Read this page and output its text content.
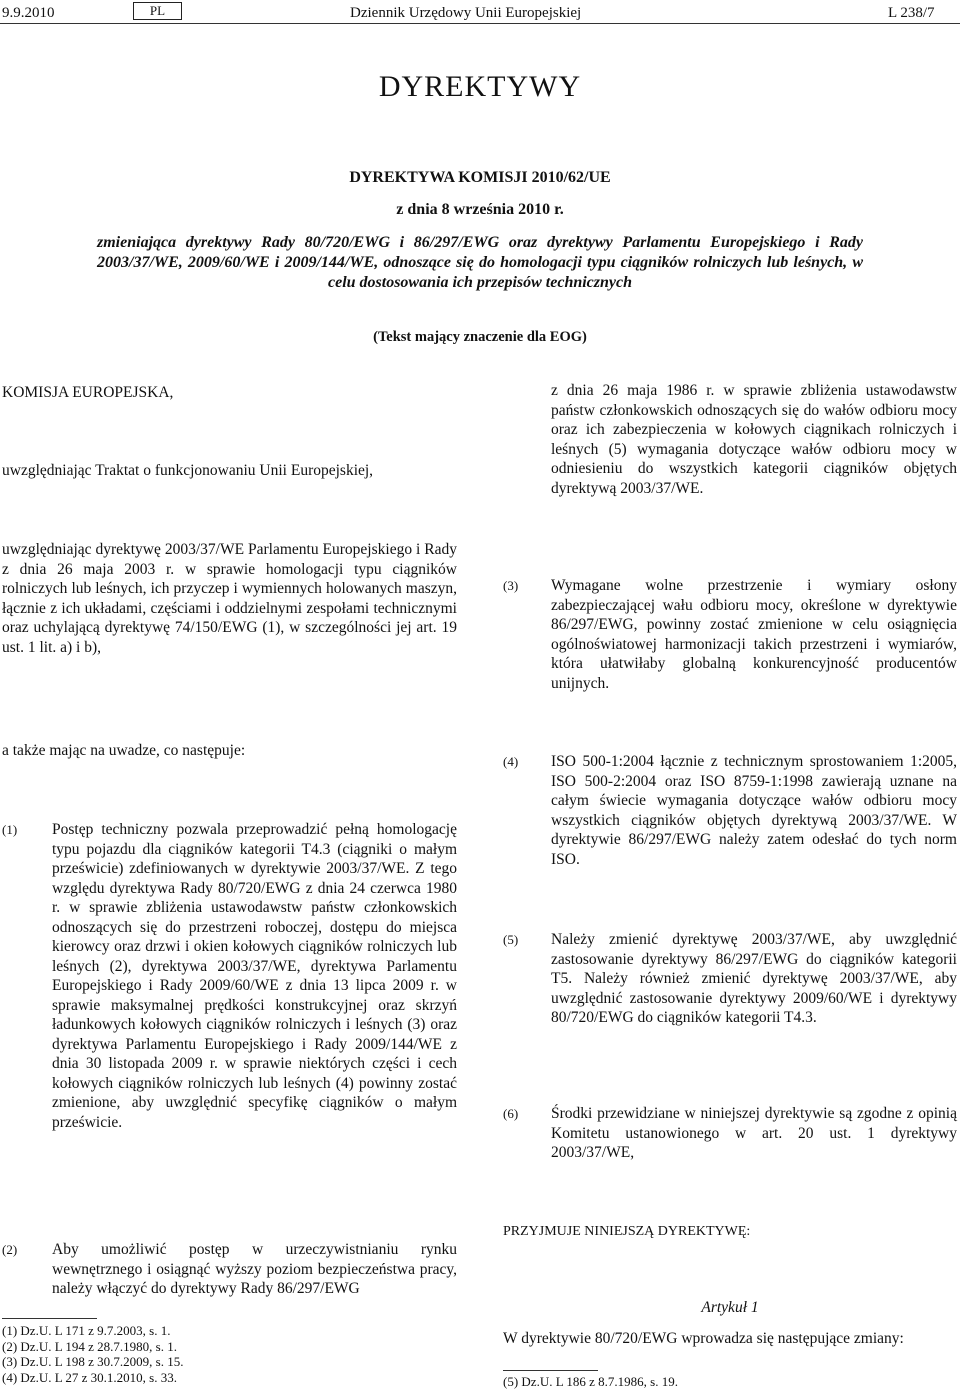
9.9.2010	PL	Dziennik Urzędowy Unii Europejskiej	L 238/7
DYREKTYWY
DYREKTYWA KOMISJI 2010/62/UE
z dnia 8 września 2010 r.
zmieniająca dyrektywy Rady 80/720/EWG i 86/297/EWG oraz dyrektywy Parlamentu Europejskiego i Rady 2003/37/WE, 2009/60/WE i 2009/144/WE, odnoszące się do homologacji typu ciągników rolniczych lub leśnych, w celu dostosowania ich przepisów technicznych
(Tekst mający znaczenie dla EOG)
KOMISJA EUROPEJSKA,
uwzględniając Traktat o funkcjonowaniu Unii Europejskiej,
uwzględniając dyrektywę 2003/37/WE Parlamentu Europejskiego i Rady z dnia 26 maja 2003 r. w sprawie homologacji typu ciągników rolniczych lub leśnych, ich przyczep i wymiennych holowanych maszyn, łącznie z ich układami, częściami i oddzielnymi zespołami technicznymi oraz uchylającą dyrektywę 74/150/EWG (1), w szczególności jej art. 19 ust. 1 lit. a) i b),
a także mając na uwadze, co następuje:
(1) Postęp techniczny pozwala przeprowadzić pełną homologację typu pojazdu dla ciągników kategorii T4.3 (ciągniki o małym prześwicie) zdefiniowanych w dyrektywie 2003/37/WE. Z tego względu dyrektywa Rady 80/720/EWG z dnia 24 czerwca 1980 r. w sprawie zbliżenia ustawodawstw państw członkowskich odnoszących się do przestrzeni roboczej, dostępu do miejsca kierowcy oraz drzwi i okien kołowych ciągników rolniczych lub leśnych (2), dyrektywa 2003/37/WE, dyrektywa Parlamentu Europejskiego i Rady 2009/60/WE z dnia 13 lipca 2009 r. w sprawie maksymalnej prędkości konstrukcyjnej oraz skrzyń ładunkowych kołowych ciągników rolniczych i leśnych (3) oraz dyrektywa Parlamentu Europejskiego i Rady 2009/144/WE z dnia 30 listopada 2009 r. w sprawie niektórych części i cech kołowych ciągników rolniczych lub leśnych (4) powinny zostać zmienione, aby uwzględnić specyfikę ciągników o małym prześwicie.
(2) Aby umożliwić postęp w urzeczywistnianiu rynku wewnętrznego i osiągnąć wyższy poziom bezpieczeństwa pracy, należy włączyć do dyrektywy Rady 86/297/EWG
(1) Dz.U. L 171 z 9.7.2003, s. 1.
(2) Dz.U. L 194 z 28.7.1980, s. 1.
(3) Dz.U. L 198 z 30.7.2009, s. 15.
(4) Dz.U. L 27 z 30.1.2010, s. 33.
z dnia 26 maja 1986 r. w sprawie zbliżenia ustawodawstw państw członkowskich odnoszących się do wałów odbioru mocy oraz ich zabezpieczenia w kołowych ciągnikach rolniczych i leśnych (5) wymagania dotyczące wałów odbioru mocy w odniesieniu do wszystkich kategorii ciągników objętych dyrektywą 2003/37/WE.
(3) Wymagane wolne przestrzenie i wymiary osłony zabezpieczającej wału odbioru mocy, określone w dyrektywie 86/297/EWG, powinny zostać zmienione w celu osiągnięcia ogólnoświatowej harmonizacji takich przestrzeni i wymiarów, która ułatwiłaby globalną konkurencyjność producentów unijnych.
(4) ISO 500-1:2004 łącznie z technicznym sprostowaniem 1:2005, ISO 500-2:2004 oraz ISO 8759-1:1998 zawierają uznane na całym świecie wymagania dotyczące wałów odbioru mocy wszystkich ciągników objętych dyrektywą 2003/37/WE. W dyrektywie 86/297/EWG należy zatem odesłać do tych norm ISO.
(5) Należy zmienić dyrektywę 2003/37/WE, aby uwzględnić zastosowanie dyrektywy 86/297/EWG do ciągników kategorii T5. Należy również zmienić dyrektywę 2003/37/WE, aby uwzględnić zastosowanie dyrektywy 2009/60/WE i dyrektywy 80/720/EWG do ciągników kategorii T4.3.
(6) Środki przewidziane w niniejszej dyrektywie są zgodne z opinią Komitetu ustanowionego w art. 20 ust. 1 dyrektywy 2003/37/WE,
PRZYJMUJE NINIEJSZĄ DYREKTYWĘ:
Artykuł 1
W dyrektywie 80/720/EWG wprowadza się następujące zmiany:
(5) Dz.U. L 186 z 8.7.1986, s. 19.
